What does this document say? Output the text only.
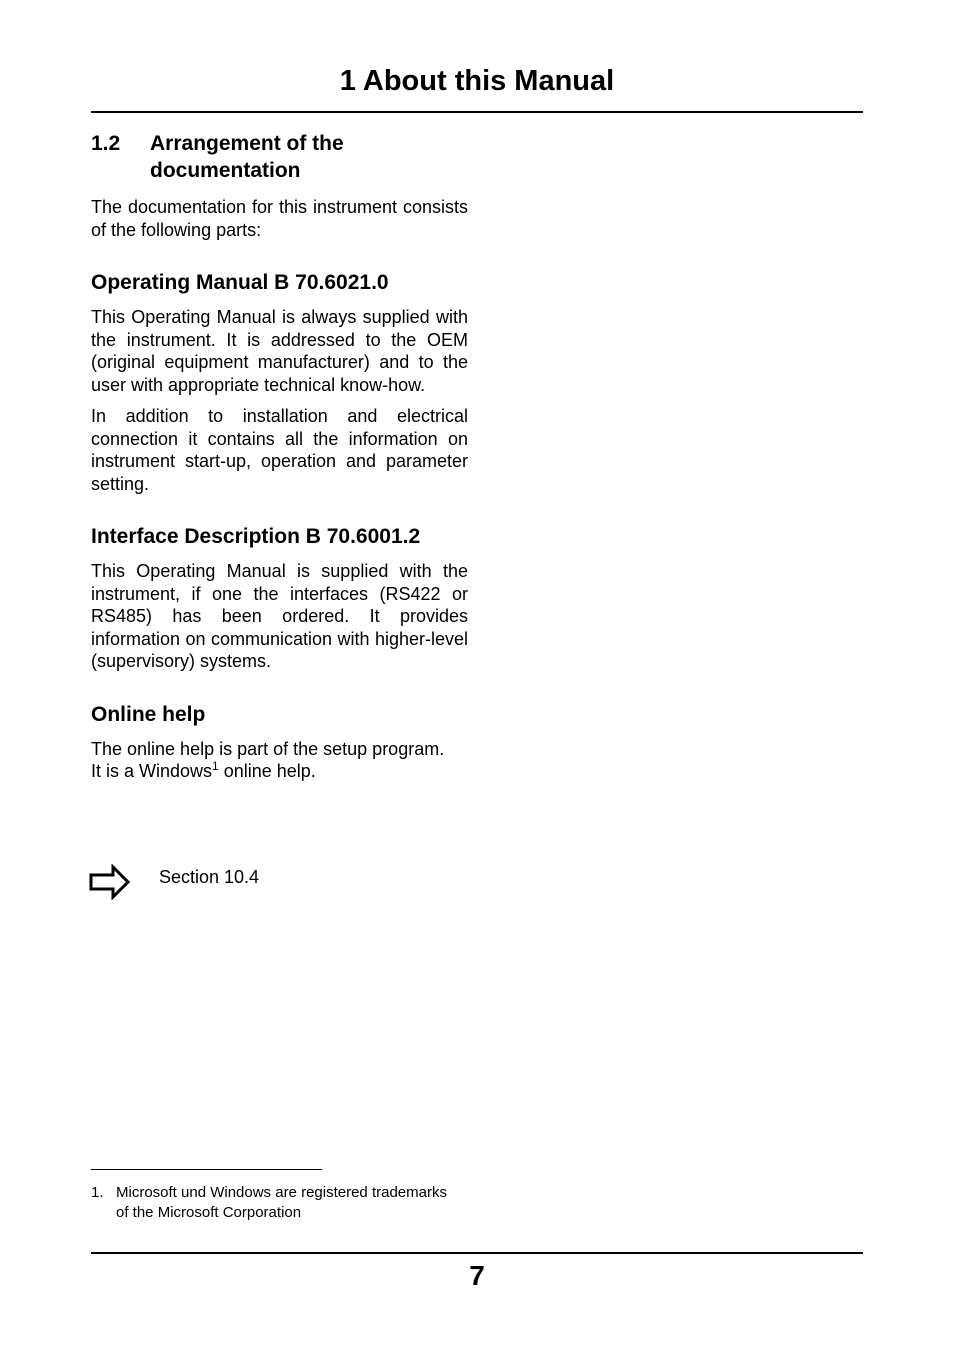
1 About this Manual
1.2	Arrangement of the
documentation

The documentation for this instrument consists of the following parts:

Operating Manual B 70.6021.0

This Operating Manual is always supplied with the instrument. It is addressed to the OEM (original equipment manufacturer) and to the user with appropriate technical know-how.

In addition to installation and electrical connection it contains all the information on instrument start-up, operation and parameter setting.

Interface Description B 70.6001.2

This Operating Manual is supplied with the instrument, if one the interfaces (RS422 or RS485) has been ordered. It provides information on communication with higher-level (supervisory) systems.

Online help

The online help is part of the setup program.
It is a Windows$^1$ online help.

Section 10.4
1. Microsoft und Windows are registered trademarks of the Microsoft Corporation
7
